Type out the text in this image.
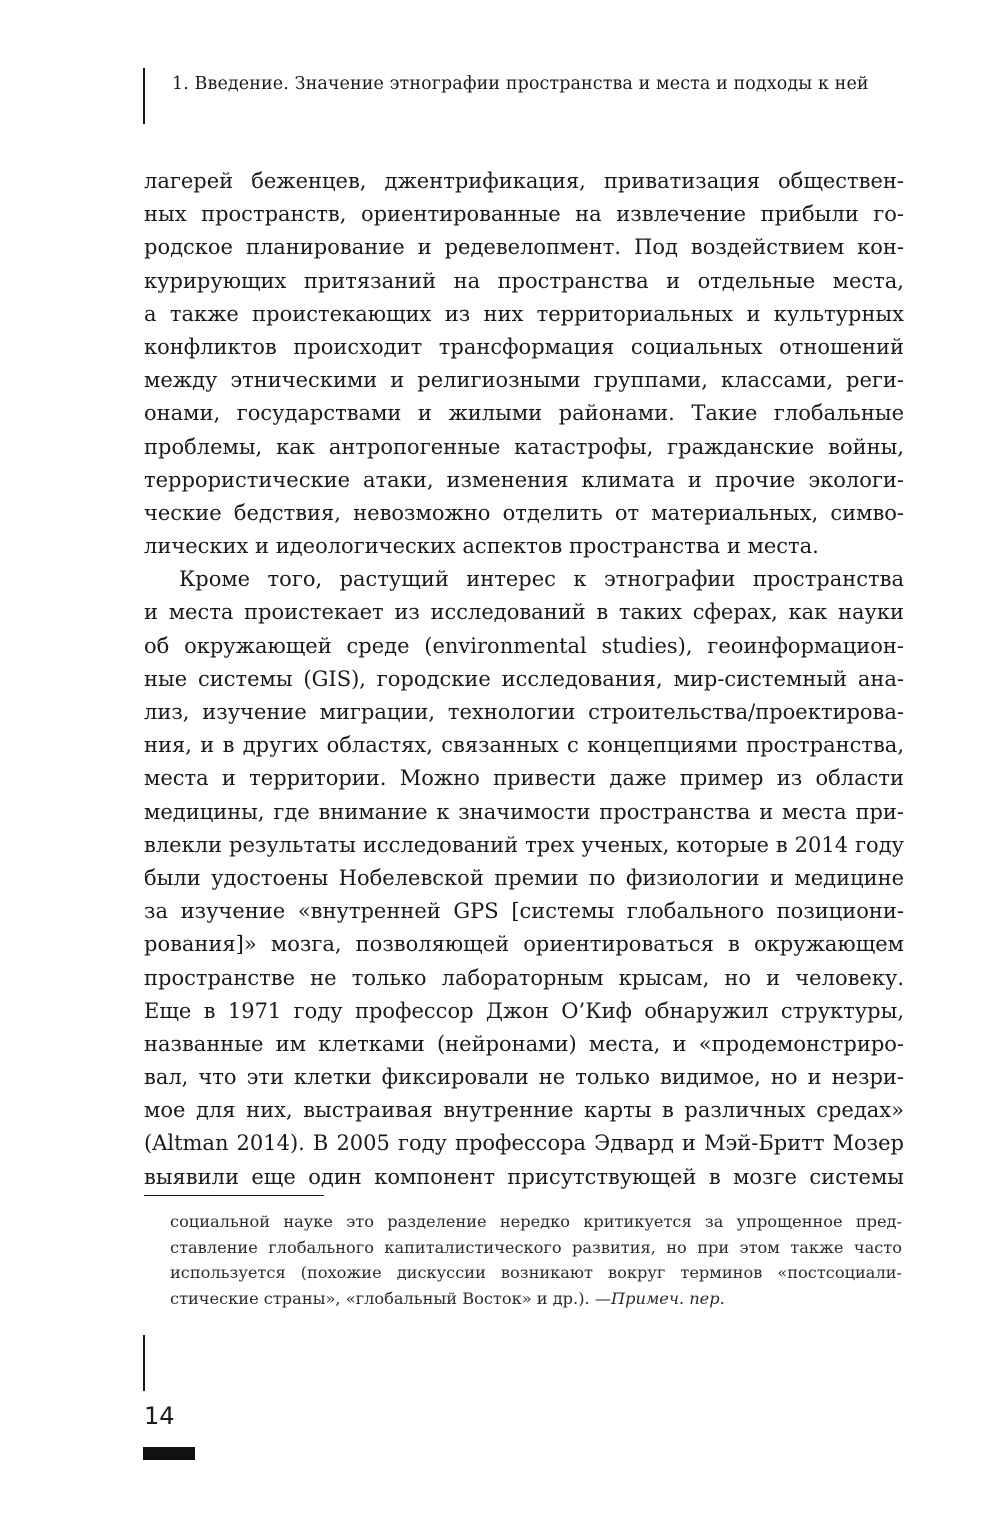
1. Введение. Значение этнографии пространства и места и подходы к ней
лагерей беженцев, джентрификация, приватизация обществен-
ных пространств, ориентированные на извлечение прибыли го-
родское планирование и редевелопмент. Под воздействием кон-
курирующих притязаний на пространства и отдельные места,
а также проистекающих из них территориальных и культурных
конфликтов происходит трансформация социальных отношений
между этническими и религиозными группами, классами, реги-
онами, государствами и жилыми районами. Такие глобальные
проблемы, как антропогенные катастрофы, гражданские войны,
террористические атаки, изменения климата и прочие экологи-
ческие бедствия, невозможно отделить от материальных, симво-
лических и идеологических аспектов пространства и места.
Кроме того, растущий интерес к этнографии пространства
и места проистекает из исследований в таких сферах, как науки
об окружающей среде (environmental studies), геоинформацион-
ные системы (GIS), городские исследования, мир-системный ана-
лиз, изучение миграции, технологии строительства/проектирова-
ния, и в других областях, связанных с концепциями пространства,
места и территории. Можно привести даже пример из области
медицины, где внимание к значимости пространства и места при-
влекли результаты исследований трех ученых, которые в 2014 году
были удостоены Нобелевской премии по физиологии и медицине
за изучение «внутренней GPS [системы глобального позициони-
рования]» мозга, позволяющей ориентироваться в окружающем
пространстве не только лабораторным крысам, но и человеку.
Еще в 1971 году профессор Джон О’Киф обнаружил структуры,
названные им клетками (нейронами) места, и «продемонстриро-
вал, что эти клетки фиксировали не только видимое, но и незри-
мое для них, выстраивая внутренние карты в различных средах»
(Altman 2014). В 2005 году профессора Эдвард и Мэй-Бритт Мозер
выявили еще один компонент присутствующей в мозге системы
социальной науке это разделение нередко критикуется за упрощенное пред-
ставление глобального капиталистического развития, но при этом также часто
используется (похожие дискуссии возникают вокруг терминов «постсоциали-
стические страны», «глобальный Восток» и др.). —Примеч. пер.
14
